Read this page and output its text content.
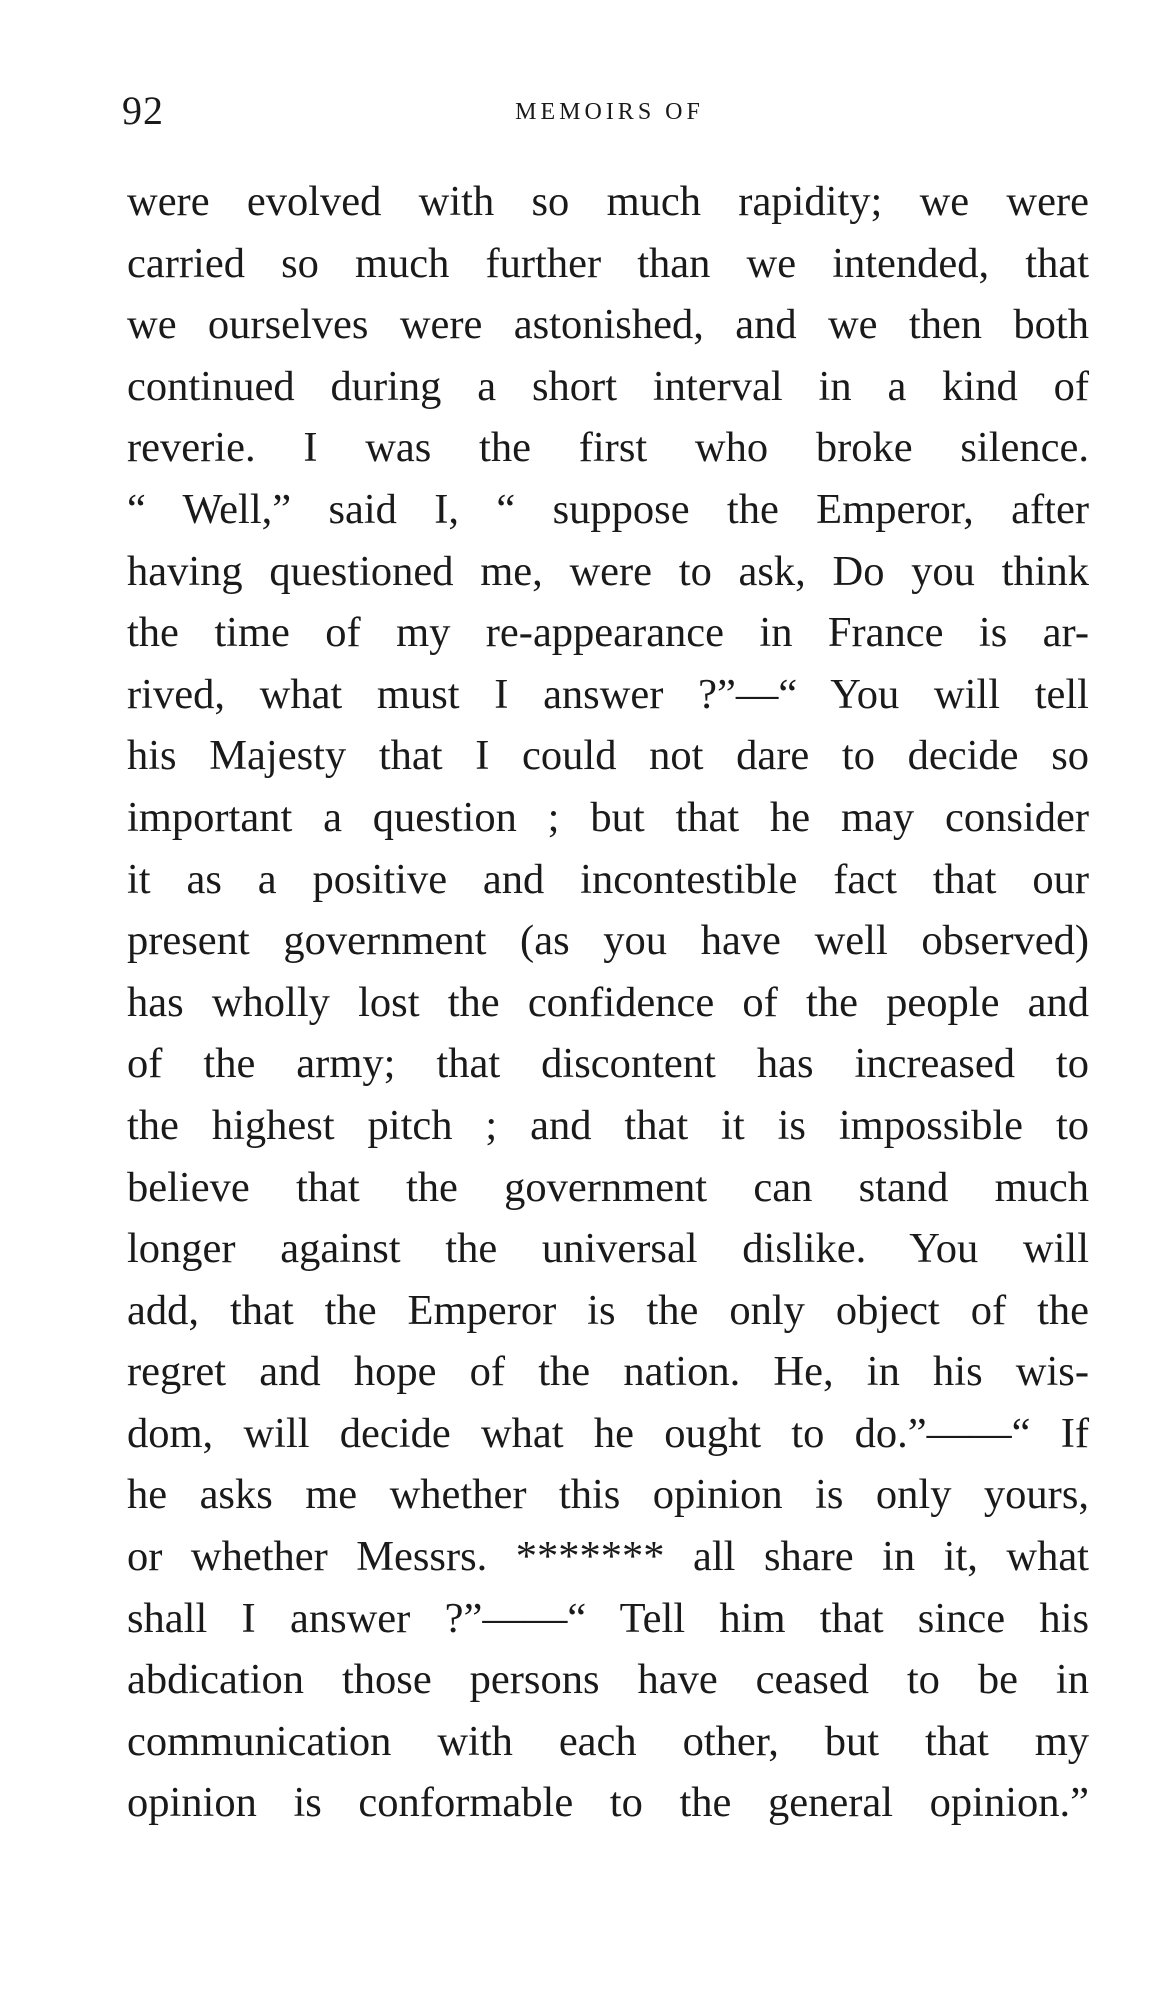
92	MEMOIRS OF
were evolved with so much rapidity; we were
carried so much further than we intended, that
we ourselves were astonished, and we then both
continued during a short interval in a kind of
reverie. I was the first who broke silence.
“ Well,” said I, “ suppose the Emperor, after
having questioned me, were to ask, Do you think
the time of my re-appearance in France is ar-
rived, what must I answer ?”—“ You will tell
his Majesty that I could not dare to decide so
important a question ; but that he may consider
it as a positive and incontestible fact that our
present government (as you have well observed)
has wholly lost the confidence of the people and
of the army; that discontent has increased to
the highest pitch ; and that it is impossible to
believe that the government can stand much
longer against the universal dislike. You will
add, that the Emperor is the only object of the
regret and hope of the nation. He, in his wis-
dom, will decide what he ought to do.”——“ If
he asks me whether this opinion is only yours,
or whether Messrs. ******* all share in it, what
shall I answer ?”——“ Tell him that since his
abdication those persons have ceased to be in
communication with each other, but that my
opinion is conformable to the general opinion.”
